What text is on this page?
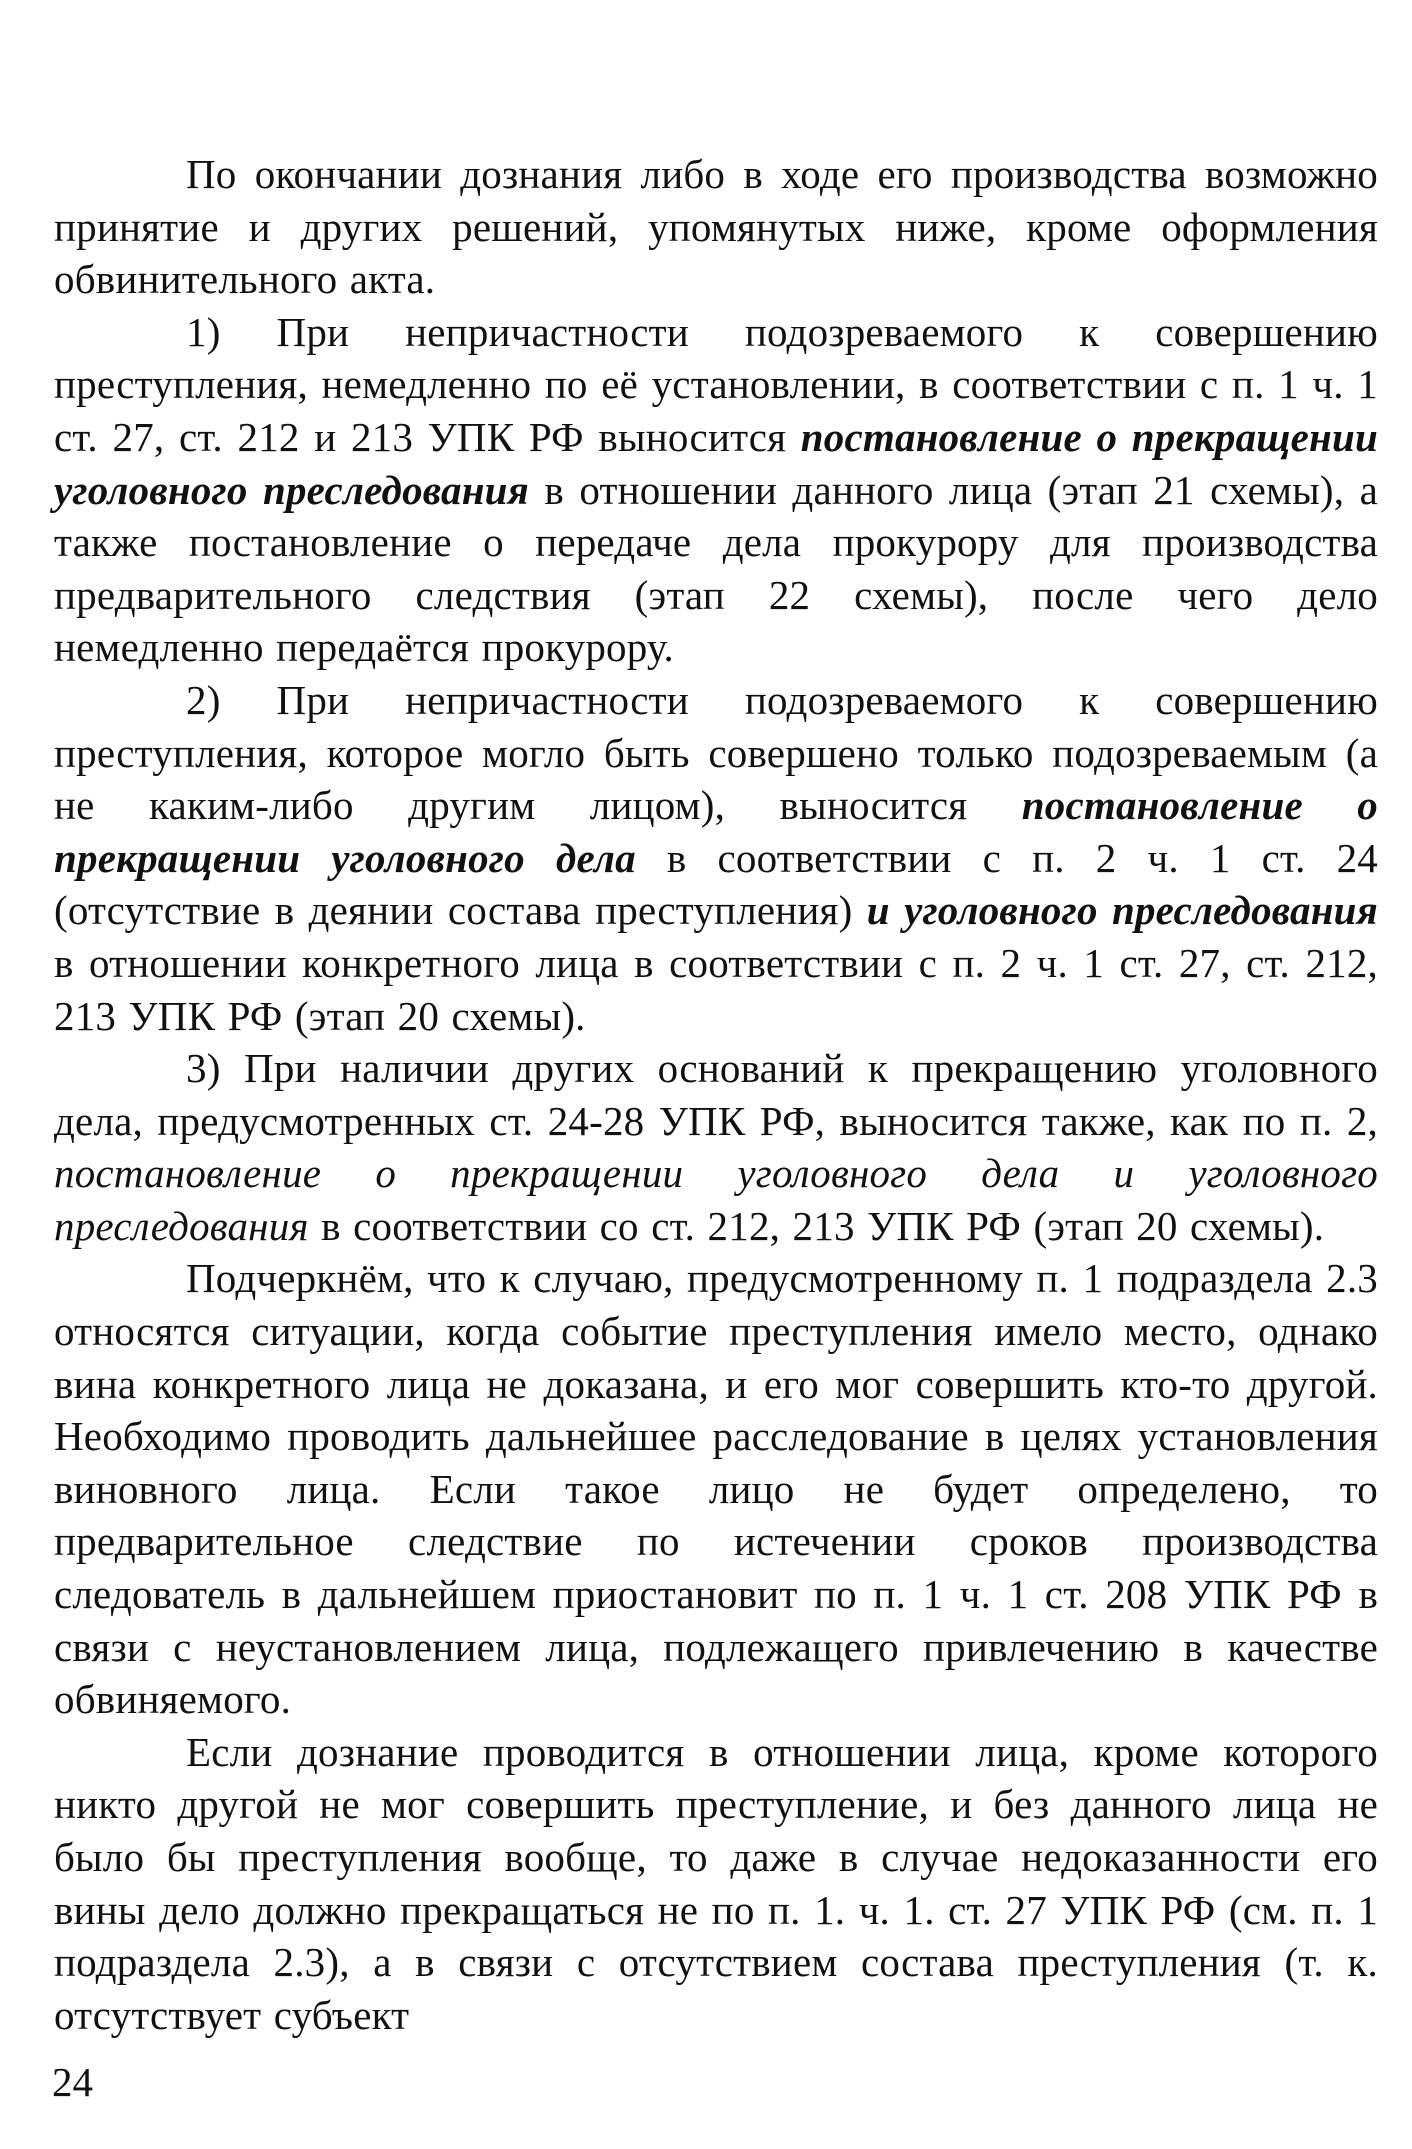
По окончании дознания либо в ходе его производства возможно принятие и других решений, упомянутых ниже, кроме оформления обвинительного акта.

1) При непричастности подозреваемого к совершению преступления, немедленно по её установлении, в соответствии с п. 1 ч. 1 ст. 27, ст. 212 и 213 УПК РФ выносится постановление о прекращении уголовного преследования в отношении данного лица (этап 21 схемы), а также постановление о передаче дела прокурору для производства предварительного следствия (этап 22 схемы), после чего дело немедленно передаётся прокурору.

2) При непричастности подозреваемого к совершению преступления, которое могло быть совершено только подозреваемым (а не каким-либо другим лицом), выносится постановление о прекращении уголовного дела в соответствии с п. 2 ч. 1 ст. 24 (отсутствие в деянии состава преступления) и уголовного преследования в отношении конкретного лица в соответствии с п. 2 ч. 1 ст. 27, ст. 212, 213 УПК РФ (этап 20 схемы).

3) При наличии других оснований к прекращению уголовного дела, предусмотренных ст. 24-28 УПК РФ, выносится также, как по п. 2, постановление о прекращении уголовного дела и уголовного преследования в соответствии со ст. 212, 213 УПК РФ (этап 20 схемы).

Подчеркнём, что к случаю, предусмотренному п. 1 подраздела 2.3 относятся ситуации, когда событие преступления имело место, однако вина конкретного лица не доказана, и его мог совершить кто-то другой. Необходимо проводить дальнейшее расследование в целях установления виновного лица. Если такое лицо не будет определено, то предварительное следствие по истечении сроков производства следователь в дальнейшем приостановит по п. 1 ч. 1 ст. 208 УПК РФ в связи с неустановлением лица, подлежащего привлечению в качестве обвиняемого.

Если дознание проводится в отношении лица, кроме которого никто другой не мог совершить преступление, и без данного лица не было бы преступления вообще, то даже в случае недоказанности его вины дело должно прекращаться не по п. 1. ч. 1. ст. 27 УПК РФ (см. п. 1 подраздела 2.3), а в связи с отсутствием состава преступления (т. к. отсутствует субъект

24
